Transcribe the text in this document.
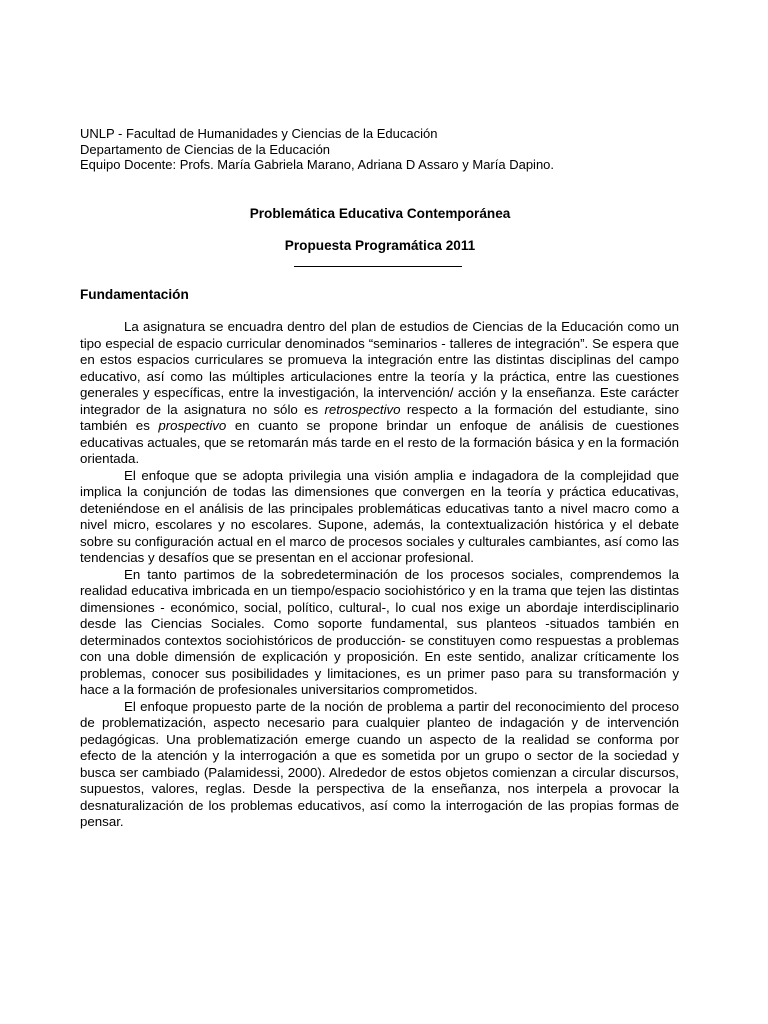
UNLP - Facultad de Humanidades y Ciencias de la Educación
Departamento de Ciencias de la Educación
Equipo Docente: Profs. María Gabriela Marano, Adriana D Assaro y María Dapino.
Problemática Educativa Contemporánea
Propuesta Programática 2011
Fundamentación

La asignatura se encuadra dentro del plan de estudios de Ciencias de la Educación como un tipo especial de espacio curricular denominados “seminarios - talleres de integración”. Se espera que en estos espacios curriculares se promueva la integración entre las distintas disciplinas del campo educativo, así como las múltiples articulaciones entre la teoría y la práctica, entre las cuestiones generales y específicas, entre la investigación, la intervención/ acción y la enseñanza. Este carácter integrador de la asignatura no sólo es retrospectivo respecto a la formación del estudiante, sino también es prospectivo en cuanto se propone brindar un enfoque de análisis de cuestiones educativas actuales, que se retomarán más tarde en el resto de la formación básica y en la formación orientada.

El enfoque que se adopta privilegia una visión amplia e indagadora de la complejidad que implica la conjunción de todas las dimensiones que convergen en la teoría y práctica educativas, deteniéndose en el análisis de las principales problemáticas educativas tanto a nivel macro como a nivel micro, escolares y no escolares. Supone, además, la contextualización histórica y el debate sobre su configuración actual en el marco de procesos sociales y culturales cambiantes, así como las tendencias y desafíos que se presentan en el accionar profesional.

En tanto partimos de la sobredeterminación de los procesos sociales, comprendemos la realidad educativa imbricada en un tiempo/espacio sociohistórico y en la trama que tejen las distintas dimensiones - económico, social, político, cultural-, lo cual nos exige un abordaje interdisciplinario desde las Ciencias Sociales. Como soporte fundamental, sus planteos -situados también en determinados contextos sociohistóricos de producción- se constituyen como respuestas a problemas con una doble dimensión de explicación y proposición. En este sentido, analizar críticamente los problemas, conocer sus posibilidades y limitaciones, es un primer paso para su transformación y hace a la formación de profesionales universitarios comprometidos.

El enfoque propuesto parte de la noción de problema a partir del reconocimiento del proceso de problematización, aspecto necesario para cualquier planteo de indagación y de intervención pedagógicas. Una problematización emerge cuando un aspecto de la realidad se conforma por efecto de la atención y la interrogación a que es sometida por un grupo o sector de la sociedad y busca ser cambiado (Palamidessi, 2000). Alrededor de estos objetos comienzan a circular discursos, supuestos, valores, reglas. Desde la perspectiva de la enseñanza, nos interpela a provocar la desnaturalización de los problemas educativos, así como la interrogación de las propias formas de pensar.
